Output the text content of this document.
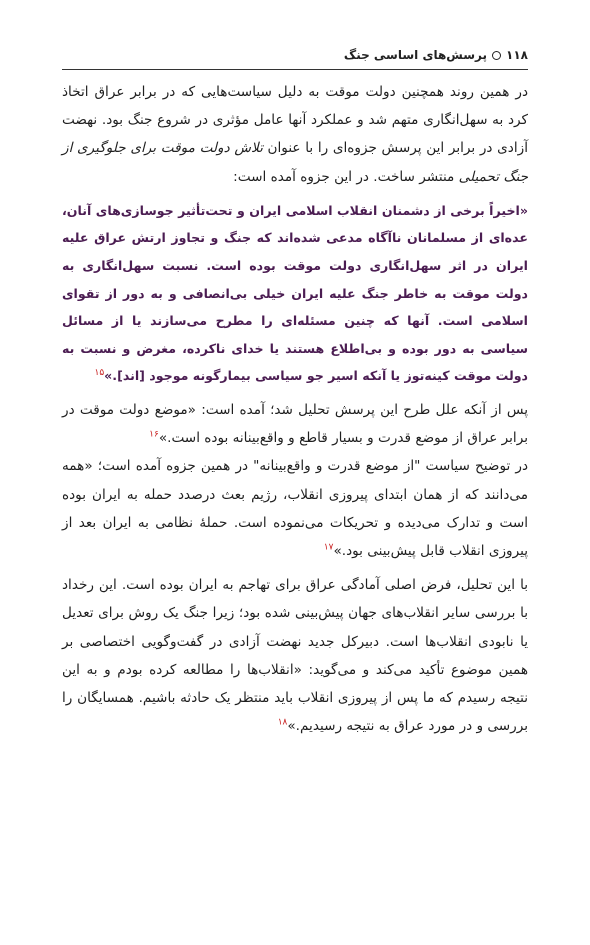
۱۱۸پرسش‌های اساسی جنگ

در همین روند همچنین دولت موقت به دلیل سیاست‌هایی که در برابر عراق اتخاذ کرد به سهل‌انگاری متهم شد و عملکرد آنها عامل مؤثری در شروع جنگ بود. نهضت آزادی در برابر این پرسش جزوه‌ای را با عنوان تلاش دولت موقت برای جلوگیری از جنگ تحمیلی منتشر ساخت. در این جزوه آمده است:

«اخیراً برخی از دشمنان انقلاب اسلامی ایران و تحت‌تأثیر جوسازی‌های آنان، عده‌ای از مسلمانان ناآگاه مدعی شده‌اند که جنگ و تجاوز ارتش عراق علیه ایران در اثر سهل‌انگاری دولت موقت بوده است. نسبت سهل‌انگاری به دولت موقت به خاطر جنگ علیه ایران خیلی بی‌انصافی و به دور از تقوای اسلامی است. آنها که چنین مسئله‌ای را مطرح می‌سازند یا از مسائل سیاسی به دور بوده و بی‌اطلاع هستند یا خدای ناکرده، مغرض و نسبت به دولت موقت کینه‌توز یا آنکه اسیر جو سیاسی بیمارگونه موجود [اند].»$^{۱۵}$

پس از آنکه علل طرح این پرسش تحلیل شد؛ آمده است: «موضع دولت موقت در برابر عراق از موضع قدرت و بسیار قاطع و واقع‌بینانه بوده است.»$^{۱۶}$

در توضیح سیاست "از موضع قدرت و واقع‌بینانه" در همین جزوه آمده است؛ «همه می‌دانند که از همان ابتدای پیروزی انقلاب، رژیم بعث درصدد حمله به ایران بوده است و تدارک می‌دیده و تحریکات می‌نموده است. حملهٔ نظامی به ایران بعد از پیروزی انقلاب قابل پیش‌بینی بود.»$^{۱۷}$

با این تحلیل، فرض اصلی آمادگی عراق برای تهاجم به ایران بوده است. این رخداد با بررسی سایر انقلاب‌های جهان پیش‌بینی شده بود؛ زیرا جنگ یک روش برای تعدیل یا نابودی انقلاب‌ها است. دبیرکل جدید نهضت آزادی در گفت‌وگویی اختصاصی بر همین موضوع تأکید می‌کند و می‌گوید: «انقلاب‌ها را مطالعه کرده بودم و به این نتیجه رسیدم که ما پس از پیروزی انقلاب باید منتظر یک حادثه باشیم. همسایگان را بررسی و در مورد عراق به نتیجه رسیدیم.»$^{۱۸}$
